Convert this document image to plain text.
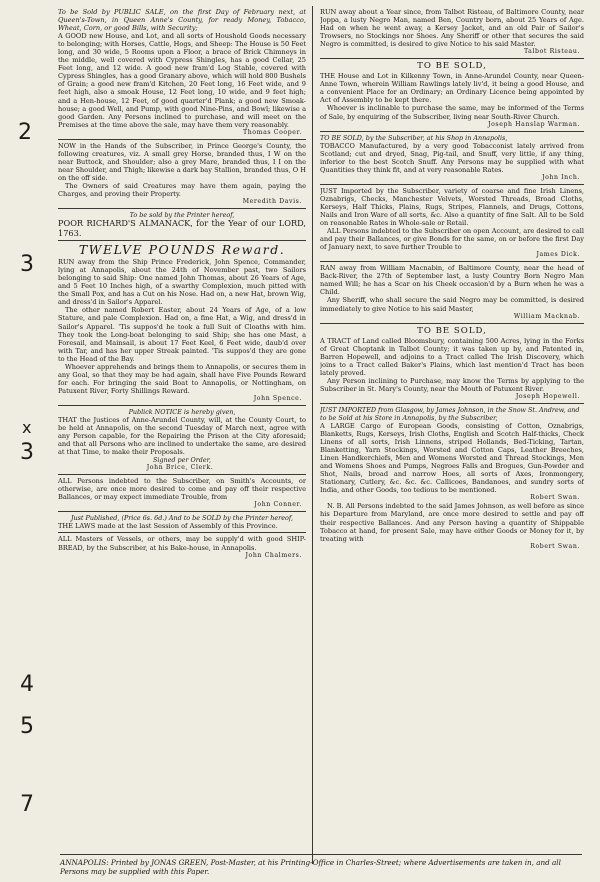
2
3
x
3
4
5
7

To be Sold by PUBLIC SALE, on the first Day of February next, at Queen's-Town, in Queen Anne's County, for ready Money, Tobacco, Wheat, Corn, or good Bills, with Security;

A GOOD new House, and Lot, and all sorts of Houshold Goods necessary to belonging; with Horses, Cattle, Hogs, and Sheep: The House is 50 Feet long, and 30 wide, 5 Rooms upon a Floor, a brace of Brick Chimneys in the middle, well covered with Cypress Shingles, has a good Cellar, 25 Feet long, and 12 wide. A good new fram'd Log Stable, covered with Cypress Shingles, has a good Granary above, which will hold 800 Bushels of Grain; a good new fram'd Kitchen, 20 Feet long, 16 Feet wide, and 9 feet high, also a smoak House, 12 Feet long, 10 wide, and 9 feet high; and a Hen-house, 12 Feet, of good quarter'd Plank; a good new Smoak-house; a good Well, and Pump, with good Nine-Pins, and Bowl; likewise a good Garden. Any Persons inclined to purchase, and will meet on the Premises at the time above the sale, may have them very reasonably.

Thomas Cooper.

NOW in the Hands of the Subscriber, in Prince George's County, the following creatures, viz. A small grey Horse, branded thus, I W on the near Buttock, and Shoulder; also a grey Mare, branded thus, I I on the near Shoulder, and Thigh; likewise a dark bay Stallion, branded thus, O H on the off side.

The Owners of said Creatures may have them again, paying the Charges, and proving their Property.

Meredith Davis.
To be sold by the Printer hereof,

POOR RICHARD'S ALMANACK, for the Year of our LORD, 1763.

TWELVE POUNDS Reward.

RUN away from the Ship Prince Frederick, John Spence, Commander, lying at Annapolis, about the 24th of November past, two Sailors belonging to said Ship: One named John Thomas, about 26 Years of Age, and 5 Feet 10 Inches high, of a swarthy Complexion, much pitted with the Small Pox, and has a Cut on his Nose. Had on, a new Hat, brown Wig, and dress'd in Sailor's Apparel.

The other named Robert Easter, about 24 Years of Age, of a low Stature, and pale Complexion. Had on, a fine Hat, a Wig, and dress'd in Sailor's Apparel. 'Tis suppos'd he took a full Suit of Cloaths with him. They took the Long-boat belonging to said Ship; she has one Mast, a Foresail, and Mainsail, is about 17 Feet Keel, 6 Feet wide, daub'd over with Tar, and has her upper Streak painted. 'Tis suppos'd they are gone to the Head of the Bay.

Whoever apprehends and brings them to Annapolis, or secures them in any Goal, so that they may be had again, shall have Five Pounds Reward for each. For bringing the said Boat to Annapolis, or Nottingham, on Patuxent River, Forty Shillings Reward.

John Spence.
Publick NOTICE is hereby given,

THAT the Justices of Anne-Arundel County, will, at the County Court, to be held at Annapolis, on the second Tuesday of March next, agree with any Person capable, for the Repairing the Prison at the City aforesaid; and that all Persons who are inclined to undertake the same, are desired at that Time, to make their Proposals.

Signed per Order,
John Brice, Clerk.

ALL Persons indebted to the Subscriber, on Smith's Accounts, or otherwise, are once more desired to come and pay off their respective Ballances, or may expect immediate Trouble, from

John Conner.
Just Published, (Price 6s. 6d.) And to be SOLD by the Printer hereof,

THE LAWS made at the last Session of Assembly of this Province.

ALL Masters of Vessels, or others, may be supply'd with good SHIP-BREAD, by the Subscriber, at his Bake-house, in Annapolis.

John Chalmers.

RUN away about a Year since, from Talbot Risteau, of Baltimore County, near Joppa, a lusty Negro Man, named Ben, Country born, about 25 Years of Age. Had on when he went away, a Kersey Jacket, and an old Pair of Sailor's Trowsers, no Stockings nor Shoes. Any Sheriff or other that secures the said Negro is committed, is desired to give Notice to his said Master.

Talbot Risteau.
TO BE SOLD,

THE House and Lot in Kilkenny Town, in Anne-Arundel County, near Queen-Anne Town, wherein William Rawlings lately liv'd, it being a good House, and a convenient Place for an Ordinary; an Ordinary Licence being appointed by Act of Assembly to be kept there.

Whoever is inclinable to purchase the same, may be informed of the Terms of Sale, by enquiring of the Subscriber, living near South-River Church.

Joseph Hanslap Warman.
TO BE SOLD, by the Subscriber, at his Shop in Annapolis,

TOBACCO Manufactured, by a very good Tobacconist lately arrived from Scotland; cut and dryed, Snag, Pig-tail, and Snuff, very little, if any thing, inferior to the best Scotch Snuff. Any Persons may be supplied with what Quantities they think fit, and at very reasonable Rates.

John Inch.

JUST Imported by the Subscriber, variety of coarse and fine Irish Linens, Oznabrigs, Checks, Manchester Velvets, Worsted Threads, Broad Cloths, Kerseys, Half Thicks, Plains, Rugs, Stripes, Flannels, and Drugs, Cottons, Nails and Iron Ware of all sorts, &c. Also a quantity of fine Salt. All to be Sold on reasonable Rates in Whole-sale or Retail.

ALL Persons indebted to the Subscriber on open Account, are desired to call and pay their Ballances, or give Bonds for the same, on or before the first Day of January next, to save further Trouble to

James Dick.

RAN away from William Macnabin, of Baltimore County, near the head of Back-River, the 27th of September last, a lusty Country Born Negro Man named Will; he has a Scar on his Cheek occasion'd by a Burn when he was a Child.

Any Sheriff, who shall secure the said Negro may be committed, is desired immediately to give Notice to his said Master,

William Macknab.
TO BE SOLD,

A TRACT of Land called Bloomsbury, containing 500 Acres, lying in the Forks of Great Choptank in Talbot County; it was taken up by, and Patented in, Barren Hopewell, and adjoins to a Tract called The Irish Discovery, which joins to a Tract called Baker's Plains, which last mention'd Tract has been lately proved.

Any Person inclining to Purchase, may know the Terms by applying to the Subscriber in St. Mary's County, near the Mouth of Patuxent River.

Joseph Hopewell.
JUST IMPORTED from Glasgow, by James Johnson, in the Snow St. Andrew, and to be Sold at his Store in Annapolis, by the Subscriber,

A LARGE Cargo of European Goods, consisting of Cotton, Oznabrigs, Blanketts, Rugs, Kerseys, Irish Cloths, English and Scotch Half-thicks, Check Linens of all sorts, Irish Linnens, striped Hollands, Bed-Ticking, Tartan, Blanketting, Yarn Stockings, Worsted and Cotton Caps, Leather Breeches, Linen Handkerchiefs, Men and Womens Worsted and Thread Stockings, Men and Womens Shoes and Pumps, Negroes Falls and Brogues, Gun-Powder and Shot, Nails, broad and narrow Hoes, all sorts of Axes, Ironmongery, Stationary, Cutlery, &c. &c. &c. Callicoes, Bandanoes, and sundry sorts of India, and other Goods, too tedious to be mentioned.

Robert Swan.

N. B. All Persons indebted to the said James Johnson, as well before as since his Departure from Maryland, are once more desired to settle and pay off their respective Ballances. And any Person having a quantity of Shippable Tobacco at hand, for present Sale, may have either Goods or Money for it, by treating with

Robert Swan.
ANNAPOLIS: Printed by JONAS GREEN, Post-Master, at his Printing-Office in Charles-Street; where Advertisements are taken in, and all Persons may be supplied with this Paper.
